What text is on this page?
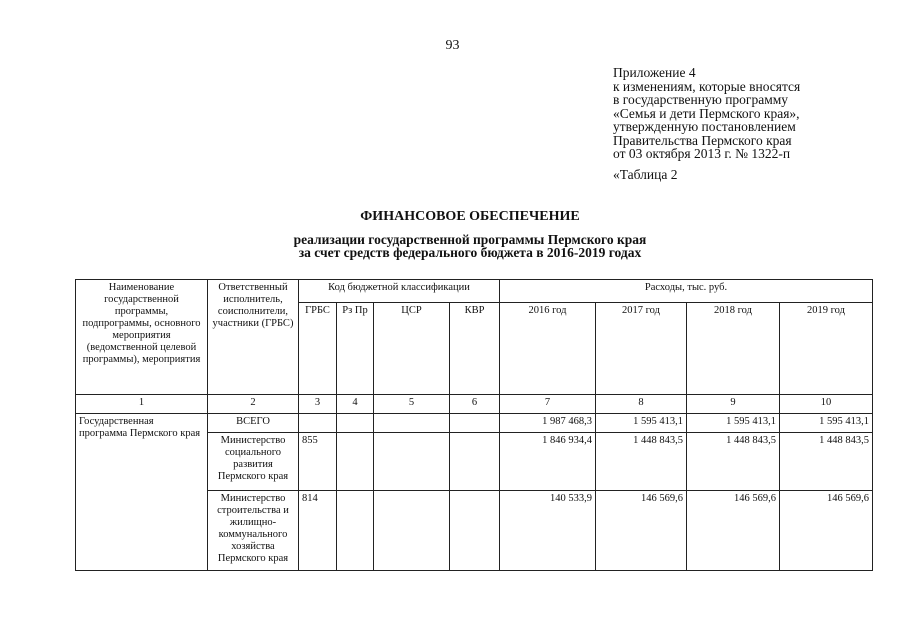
93
Приложение 4
к изменениям, которые вносятся
в государственную программу
«Семья и дети Пермского края»,
утвержденную постановлением
Правительства Пермского края
от 03 октября 2013 г. № 1322-п
«Таблица 2
ФИНАНСОВОЕ ОБЕСПЕЧЕНИЕ
реализации государственной программы Пермского края
за счет средств федерального бюджета в 2016-2019 годах
Наименование государственной программы, подпрограммы, основного мероприятия (ведомственной целевой программы), мероприятия	Ответственный исполнитель, соисполнители, участники (ГРБС)	Код бюджетной классификации				Расходы, тыс. руб.			
		ГРБС	Рз Пр	ЦСР	КВР	2016 год	2017 год	2018 год	2019 год
1	2	3	4	5	6	7	8	9	10
Государственная программа Пермского края	ВСЕГО					1 987 468,3	1 595 413,1	1 595 413,1	1 595 413,1
	Министерство социального развития Пермского края	855				1 846 934,4	1 448 843,5	1 448 843,5	1 448 843,5
	Министерство строительства и жилищно-коммунального хозяйства Пермского края	814				140 533,9	146 569,6	146 569,6	146 569,6
